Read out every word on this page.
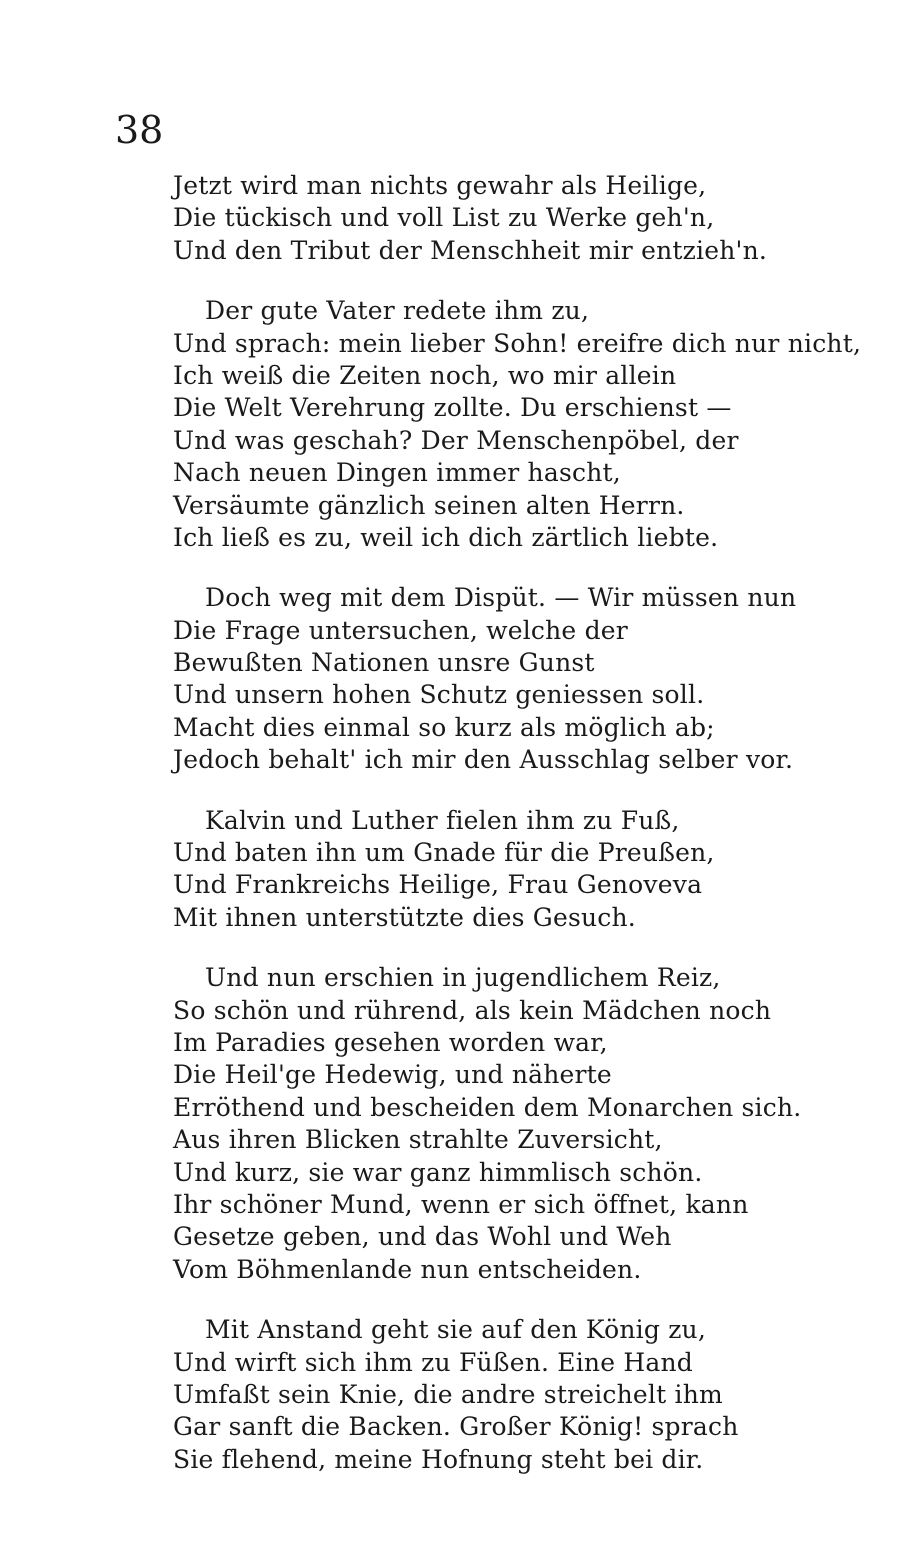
38
Jetzt wird man nichts gewahr als Heilige,
Die tückisch und voll List zu Werke geh'n,
Und den Tribut der Menschheit mir entzieh'n.
Der gute Vater redete ihm zu,
Und sprach: mein lieber Sohn! ereifre dich nur nicht,
Ich weiß die Zeiten noch, wo mir allein
Die Welt Verehrung zollte. Du erschienst —
Und was geschah? Der Menschenpöbel, der
Nach neuen Dingen immer hascht,
Versäumte gänzlich seinen alten Herrn.
Ich ließ es zu, weil ich dich zärtlich liebte.
Doch weg mit dem Dispüt. — Wir müssen nun
Die Frage untersuchen, welche der
Bewußten Nationen unsre Gunst
Und unsern hohen Schutz geniessen soll.
Macht dies einmal so kurz als möglich ab;
Jedoch behalt' ich mir den Ausschlag selber vor.
Kalvin und Luther fielen ihm zu Fuß,
Und baten ihn um Gnade für die Preußen,
Und Frankreichs Heilige, Frau Genoveva
Mit ihnen unterstützte dies Gesuch.
Und nun erschien in jugendlichem Reiz,
So schön und rührend, als kein Mädchen noch
Im Paradies gesehen worden war,
Die Heil'ge Hedewig, und näherte
Erröthend und bescheiden dem Monarchen sich.
Aus ihren Blicken strahlte Zuversicht,
Und kurz, sie war ganz himmlisch schön.
Ihr schöner Mund, wenn er sich öffnet, kann
Gesetze geben, und das Wohl und Weh
Vom Böhmenlande nun entscheiden.
Mit Anstand geht sie auf den König zu,
Und wirft sich ihm zu Füßen. Eine Hand
Umfaßt sein Knie, die andre streichelt ihm
Gar sanft die Backen. Großer König! sprach
Sie flehend, meine Hofnung steht bei dir.
